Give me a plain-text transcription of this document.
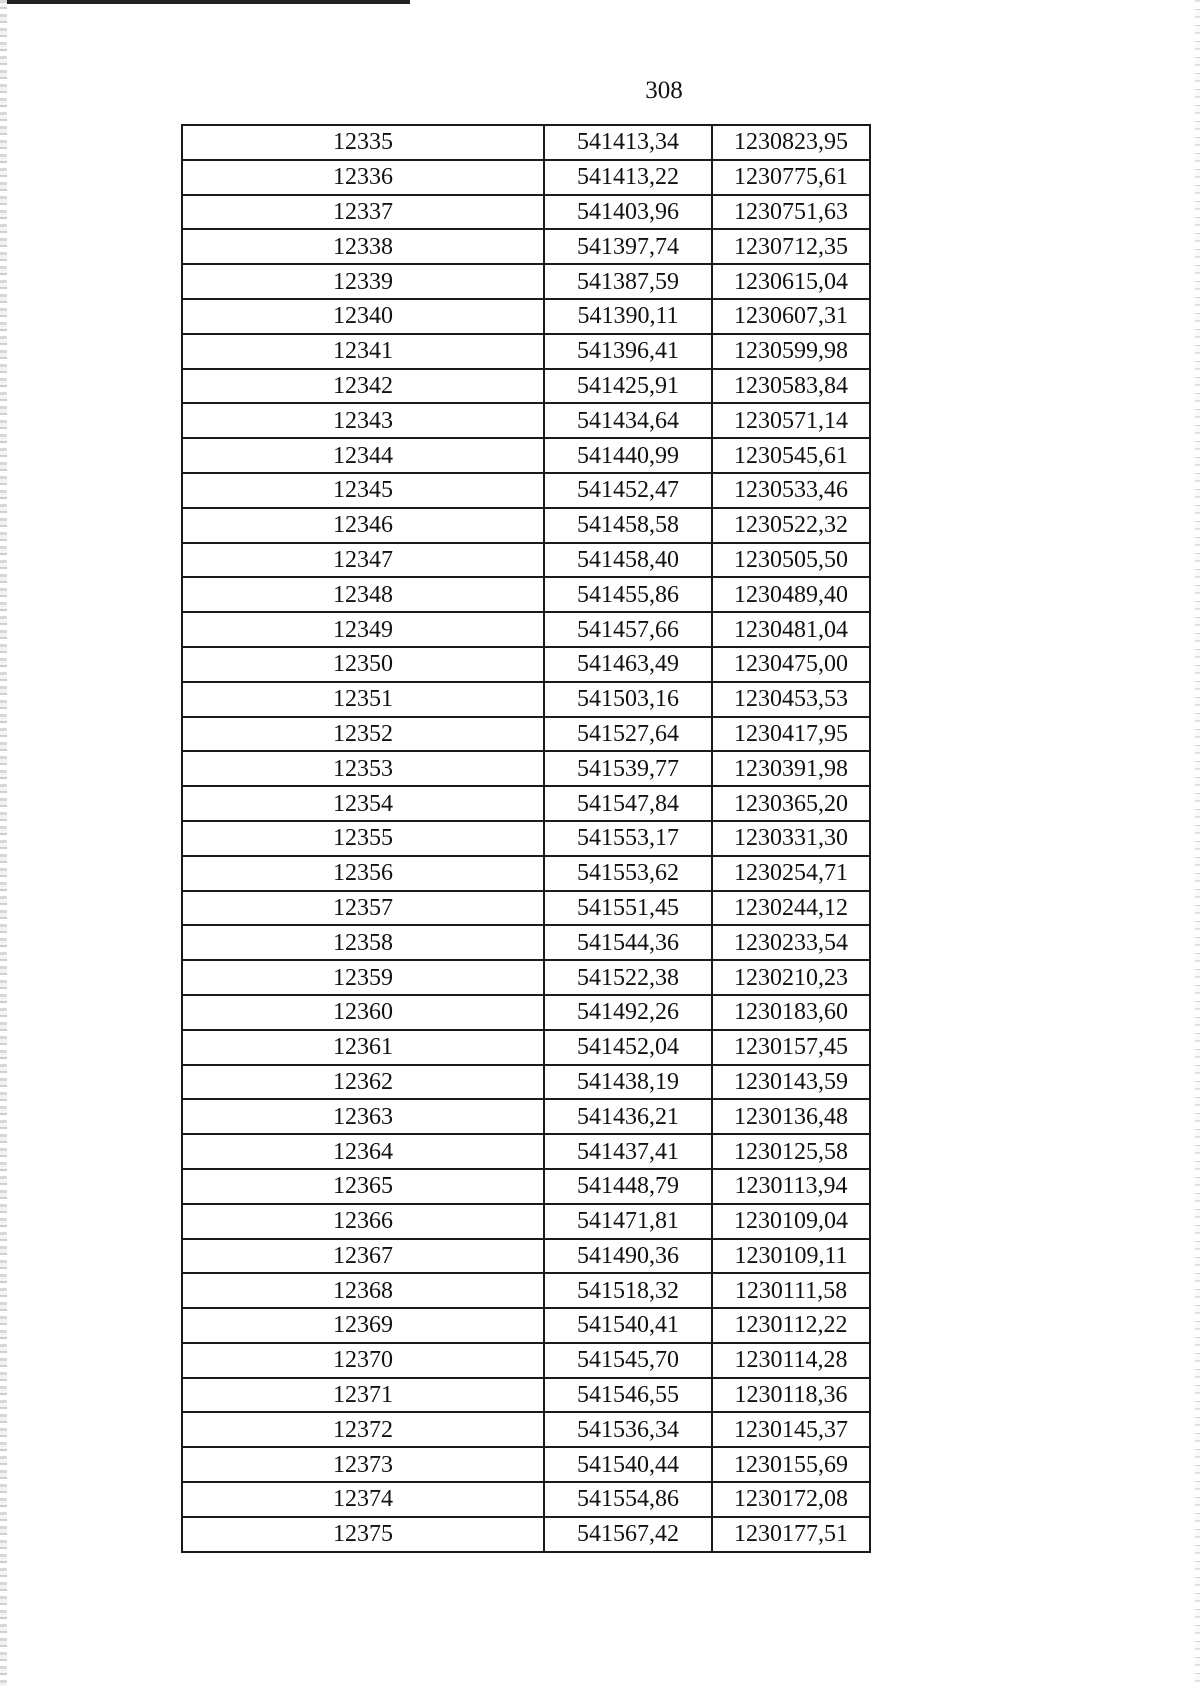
308
12335	541413,34	1230823,95
12336	541413,22	1230775,61
12337	541403,96	1230751,63
12338	541397,74	1230712,35
12339	541387,59	1230615,04
12340	541390,11	1230607,31
12341	541396,41	1230599,98
12342	541425,91	1230583,84
12343	541434,64	1230571,14
12344	541440,99	1230545,61
12345	541452,47	1230533,46
12346	541458,58	1230522,32
12347	541458,40	1230505,50
12348	541455,86	1230489,40
12349	541457,66	1230481,04
12350	541463,49	1230475,00
12351	541503,16	1230453,53
12352	541527,64	1230417,95
12353	541539,77	1230391,98
12354	541547,84	1230365,20
12355	541553,17	1230331,30
12356	541553,62	1230254,71
12357	541551,45	1230244,12
12358	541544,36	1230233,54
12359	541522,38	1230210,23
12360	541492,26	1230183,60
12361	541452,04	1230157,45
12362	541438,19	1230143,59
12363	541436,21	1230136,48
12364	541437,41	1230125,58
12365	541448,79	1230113,94
12366	541471,81	1230109,04
12367	541490,36	1230109,11
12368	541518,32	1230111,58
12369	541540,41	1230112,22
12370	541545,70	1230114,28
12371	541546,55	1230118,36
12372	541536,34	1230145,37
12373	541540,44	1230155,69
12374	541554,86	1230172,08
12375	541567,42	1230177,51
